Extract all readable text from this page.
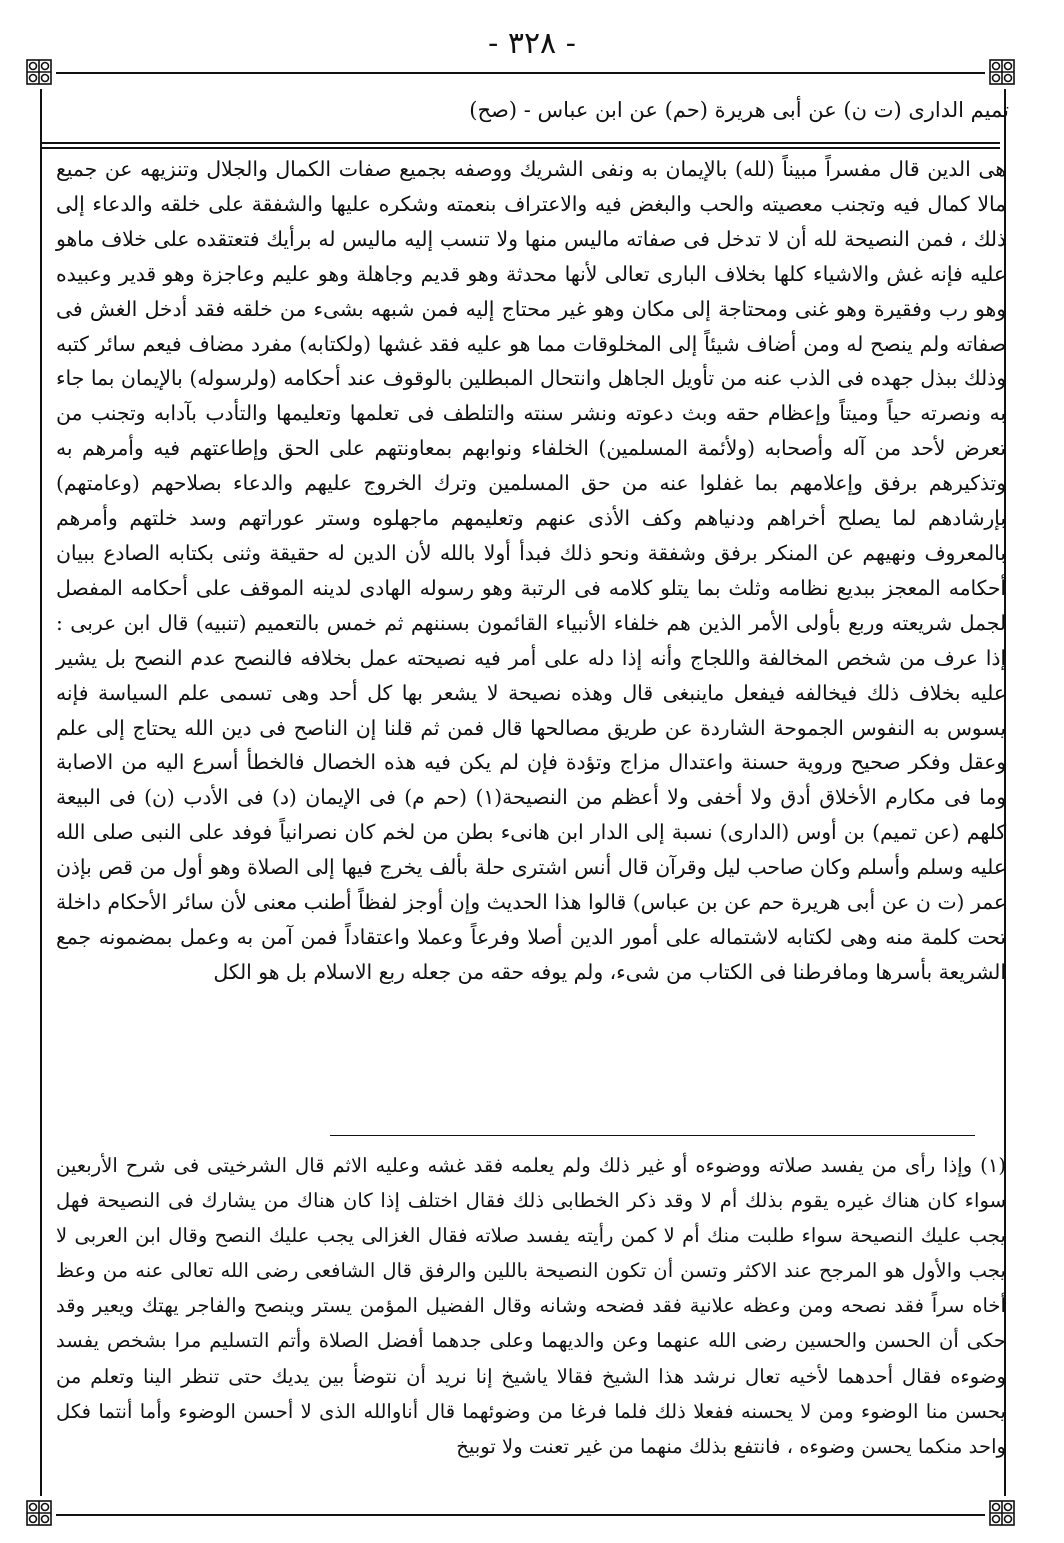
- ٣٢٨ -
تميم الدارى (ت ن) عن أبى هريرة (حم) عن ابن عباس - (صح)
هى الدين قال مفسراً مبيناً (لله) بالإيمان به ونفى الشريك ووصفه بجميع صفات الكمال والجلال وتنزيهه عن جميع مالا كمال فيه وتجنب معصيته والحب والبغض فيه والاعتراف بنعمته وشكره عليها والشفقة على خلقه والدعاء إلى ذلك ، فمن النصيحة لله أن لا تدخل فى صفاته ماليس منها ولا تنسب إليه ماليس له برأيك فتعتقده على خلاف ماهو عليه فإنه غش والاشياء كلها بخلاف البارى تعالى لأنها محدثة وهو قديم وجاهلة وهو عليم وعاجزة وهو قدير وعبيده وهو رب وفقيرة وهو غنى ومحتاجة إلى مكان وهو غير محتاج إليه فمن شبهه بشىء من خلقه فقد أدخل الغش فى صفاته ولم ينصح له ومن أضاف شيئاً إلى المخلوقات مما هو عليه فقد غشها (ولكتابه) مفرد مضاف فيعم سائر كتبه وذلك ببذل جهده فى الذب عنه من تأويل الجاهل وانتحال المبطلين بالوقوف عند أحكامه (ولرسوله) بالإيمان بما جاء به ونصرته حياً وميتاً وإعظام حقه وبث دعوته ونشر سنته والتلطف فى تعلمها وتعليمها والتأدب بآدابه وتجنب من تعرض لأحد من آله وأصحابه (ولأئمة المسلمين) الخلفاء ونوابهم بمعاونتهم على الحق وإطاعتهم فيه وأمرهم به وتذكيرهم برفق وإعلامهم بما غفلوا عنه من حق المسلمين وترك الخروج عليهم والدعاء بصلاحهم (وعامتهم) بإرشادهم لما يصلح أخراهم ودنياهم وكف الأذى عنهم وتعليمهم ماجهلوه وستر عوراتهم وسد خلتهم وأمرهم بالمعروف ونهيهم عن المنكر برفق وشفقة ونحو ذلك فبدأ أولا بالله لأن الدين له حقيقة وثنى بكتابه الصادع ببيان أحكامه المعجز ببديع نظامه وثلث بما يتلو كلامه فى الرتبة وهو رسوله الهادى لدينه الموقف على أحكامه المفصل لجمل شريعته وربع بأولى الأمر الذين هم خلفاء الأنبياء القائمون بسننهم ثم خمس بالتعميم (تنبيه) قال ابن عربى : إذا عرف من شخص المخالفة واللجاج وأنه إذا دله على أمر فيه نصيحته عمل بخلافه فالنصح عدم النصح بل يشير عليه بخلاف ذلك فيخالفه فيفعل ماينبغى قال وهذه نصيحة لا يشعر بها كل أحد وهى تسمى علم السياسة فإنه يسوس به النفوس الجموحة الشاردة عن طريق مصالحها قال فمن ثم قلنا إن الناصح فى دين الله يحتاج إلى علم وعقل وفكر صحيح وروية حسنة واعتدال مزاج وتؤدة فإن لم يكن فيه هذه الخصال فالخطأ أسرع اليه من الاصابة وما فى مكارم الأخلاق أدق ولا أخفى ولا أعظم من النصيحة(١) (حم م) فى الإيمان (د) فى الأدب (ن) فى البيعة كلهم (عن تميم) بن أوس (الدارى) نسبة إلى الدار ابن هانىء بطن من لخم كان نصرانياً فوفد على النبى صلى الله عليه وسلم وأسلم وكان صاحب ليل وقرآن قال أنس اشترى حلة بألف يخرج فيها إلى الصلاة وهو أول من قص بإذن عمر (ت ن عن أبى هريرة حم عن بن عباس) قالوا هذا الحديث وإن أوجز لفظاً أطنب معنى لأن سائر الأحكام داخلة تحت كلمة منه وهى لكتابه لاشتماله على أمور الدين أصلا وفرعاً وعملا واعتقاداً فمن آمن به وعمل بمضمونه جمع الشريعة بأسرها ومافرطنا فى الكتاب من شىء، ولم يوفه حقه من جعله ربع الاسلام بل هو الكل
(١) وإذا رأى من يفسد صلاته ووضوءه أو غير ذلك ولم يعلمه فقد غشه وعليه الاثم قال الشرخيتى فى شرح الأربعين سواء كان هناك غيره يقوم بذلك أم لا وقد ذكر الخطابى ذلك فقال اختلف إذا كان هناك من يشارك فى النصيحة فهل يجب عليك النصيحة سواء طلبت منك أم لا كمن رأيته يفسد صلاته فقال الغزالى يجب عليك النصح وقال ابن العربى لا يجب والأول هو المرجح عند الاكثر وتسن أن تكون النصيحة باللين والرفق قال الشافعى رضى الله تعالى عنه من وعظ أخاه سراً فقد نصحه ومن وعظه علانية فقد فضحه وشانه وقال الفضيل المؤمن يستر وينصح والفاجر يهتك ويعير وقد حكى أن الحسن والحسين رضى الله عنهما وعن والديهما وعلى جدهما أفضل الصلاة وأتم التسليم مرا بشخص يفسد وضوءه فقال أحدهما لأخيه تعال نرشد هذا الشيخ فقالا ياشيخ إنا نريد أن نتوضأ بين يديك حتى تنظر الينا وتعلم من يحسن منا الوضوء ومن لا يحسنه ففعلا ذلك فلما فرغا من وضوئهما قال أناوالله الذى لا أحسن الوضوء وأما أنتما فكل واحد منكما يحسن وضوءه ، فانتفع بذلك منهما من غير تعنت ولا توبيخ
